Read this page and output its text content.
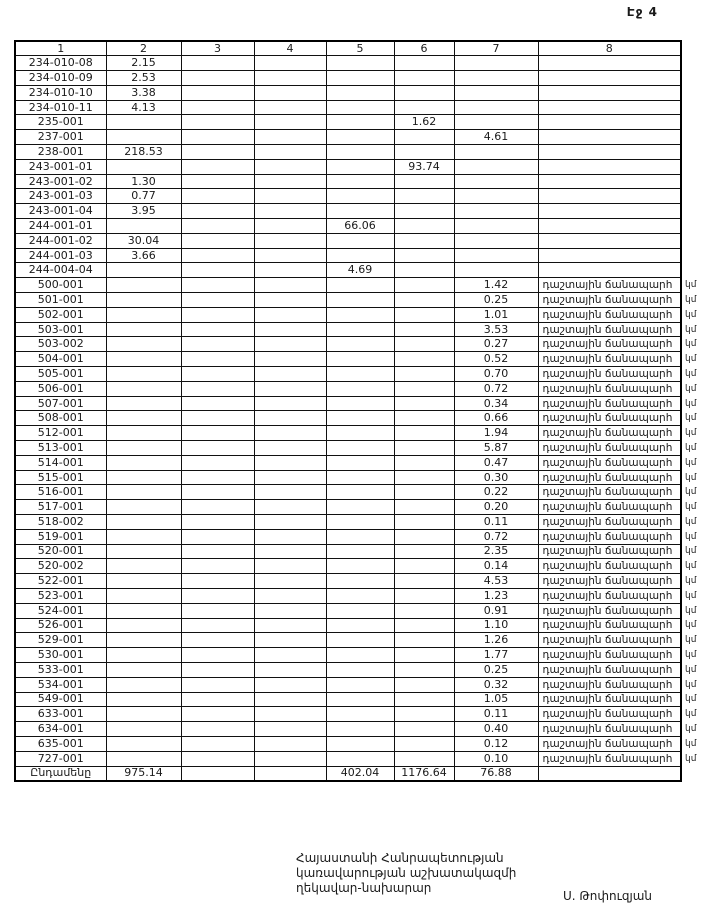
Էջ 4
1	2	3	4	5	6	7	8	
234-010-08	2.15							
234-010-09	2.53							
234-010-10	3.38							
234-010-11	4.13							
235-001					1.62			
237-001						4.61		
238-001	218.53							
243-001-01					93.74			
243-001-02	1.30							
243-001-03	0.77							
243-001-04	3.95							
244-001-01				66.06				
244-001-02	30.04							
244-001-03	3.66							
244-004-04				4.69				
500-001						1.42	դաշտային ճանապարհ	կմ
501-001						0.25	դաշտային ճանապարհ	կմ
502-001						1.01	դաշտային ճանապարհ	կմ
503-001						3.53	դաշտային ճանապարհ	կմ
503-002						0.27	դաշտային ճանապարհ	կմ
504-001						0.52	դաշտային ճանապարհ	կմ
505-001						0.70	դաշտային ճանապարհ	կմ
506-001						0.72	դաշտային ճանապարհ	կմ
507-001						0.34	դաշտային ճանապարհ	կմ
508-001						0.66	դաշտային ճանապարհ	կմ
512-001						1.94	դաշտային ճանապարհ	կմ
513-001						5.87	դաշտային ճանապարհ	կմ
514-001						0.47	դաշտային ճանապարհ	կմ
515-001						0.30	դաշտային ճանապարհ	կմ
516-001						0.22	դաշտային ճանապարհ	կմ
517-001						0.20	դաշտային ճանապարհ	կմ
518-002						0.11	դաշտային ճանապարհ	կմ
519-001						0.72	դաշտային ճանապարհ	կմ
520-001						2.35	դաշտային ճանապարհ	կմ
520-002						0.14	դաշտային ճանապարհ	կմ
522-001						4.53	դաշտային ճանապարհ	կմ
523-001						1.23	դաշտային ճանապարհ	կմ
524-001						0.91	դաշտային ճանապարհ	կմ
526-001						1.10	դաշտային ճանապարհ	կմ
529-001						1.26	դաշտային ճանապարհ	կմ
530-001						1.77	դաշտային ճանապարհ	կմ
533-001						0.25	դաշտային ճանապարհ	կմ
534-001						0.32	դաշտային ճանապարհ	կմ
549-001						1.05	դաշտային ճանապարհ	կմ
633-001						0.11	դաշտային ճանապարհ	կմ
634-001						0.40	դաշտային ճանապարհ	կմ
635-001						0.12	դաշտային ճանապարհ	կմ
727-001						0.10	դաշտային ճանապարհ	կմ
Ընդամենը	975.14			402.04	1176.64	76.88		
Հայաստանի Հանրապետության
կառավարության աշխատակազմի
ղեկավար-նախարար
Ս. Թոփուզյան
